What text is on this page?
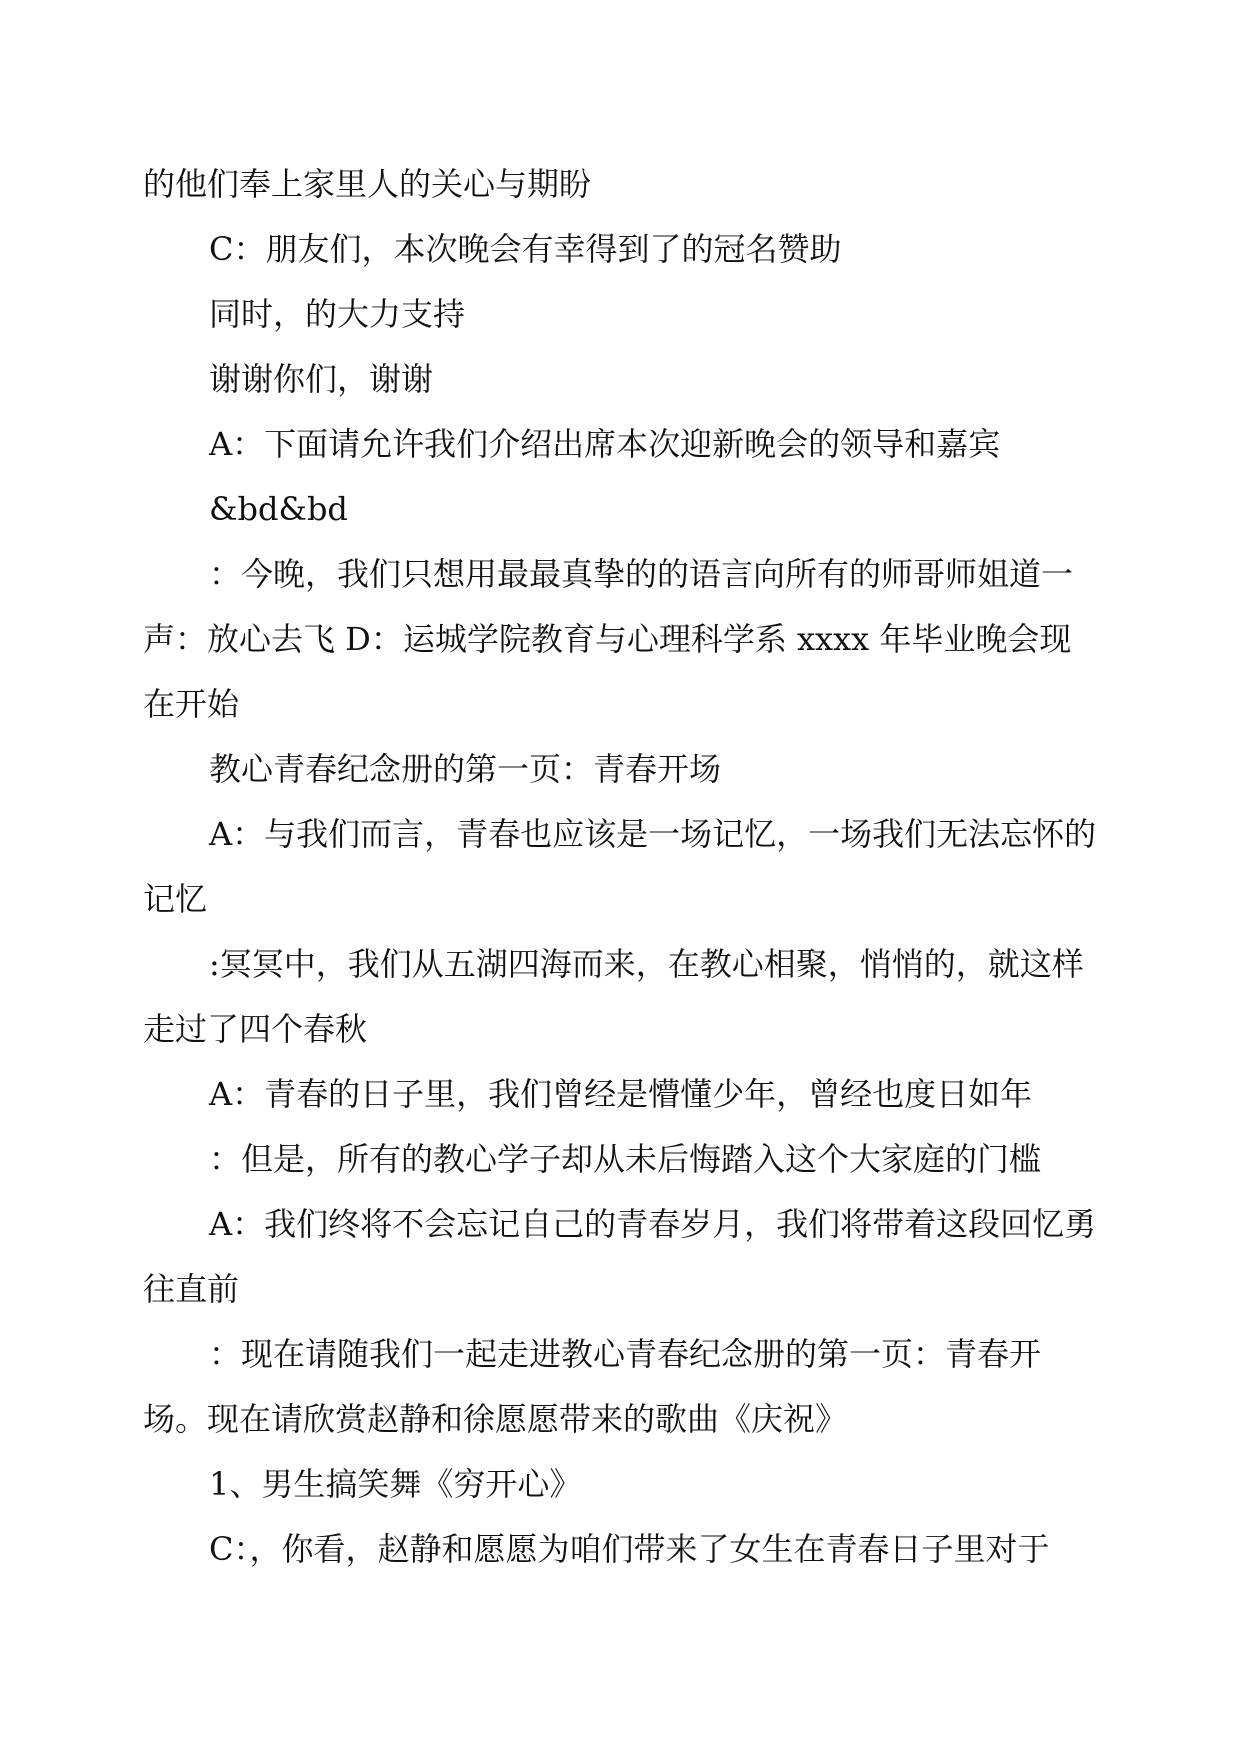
的他们奉上家里人的关心与期盼

C：朋友们，本次晚会有幸得到了的冠名赞助

同时，的大力支持

谢谢你们，谢谢

A：下面请允许我们介绍出席本次迎新晚会的领导和嘉宾

&bd&bd

：今晚，我们只想用最最真挚的的语言向所有的师哥师姐道一声：放心去飞 D：运城学院教育与心理科学系 xxxx 年毕业晚会现在开始

教心青春纪念册的第一页：青春开场

A：与我们而言，青春也应该是一场记忆，一场我们无法忘怀的记忆

:冥冥中，我们从五湖四海而来，在教心相聚，悄悄的，就这样走过了四个春秋

A：青春的日子里，我们曾经是懵懂少年，曾经也度日如年

：但是，所有的教心学子却从未后悔踏入这个大家庭的门槛

A：我们终将不会忘记自己的青春岁月，我们将带着这段回忆勇往直前

：现在请随我们一起走进教心青春纪念册的第一页：青春开场。现在请欣赏赵静和徐愿愿带来的歌曲《庆祝》

1、男生搞笑舞《穷开心》

C：，你看，赵静和愿愿为咱们带来了女生在青春日子里对于
